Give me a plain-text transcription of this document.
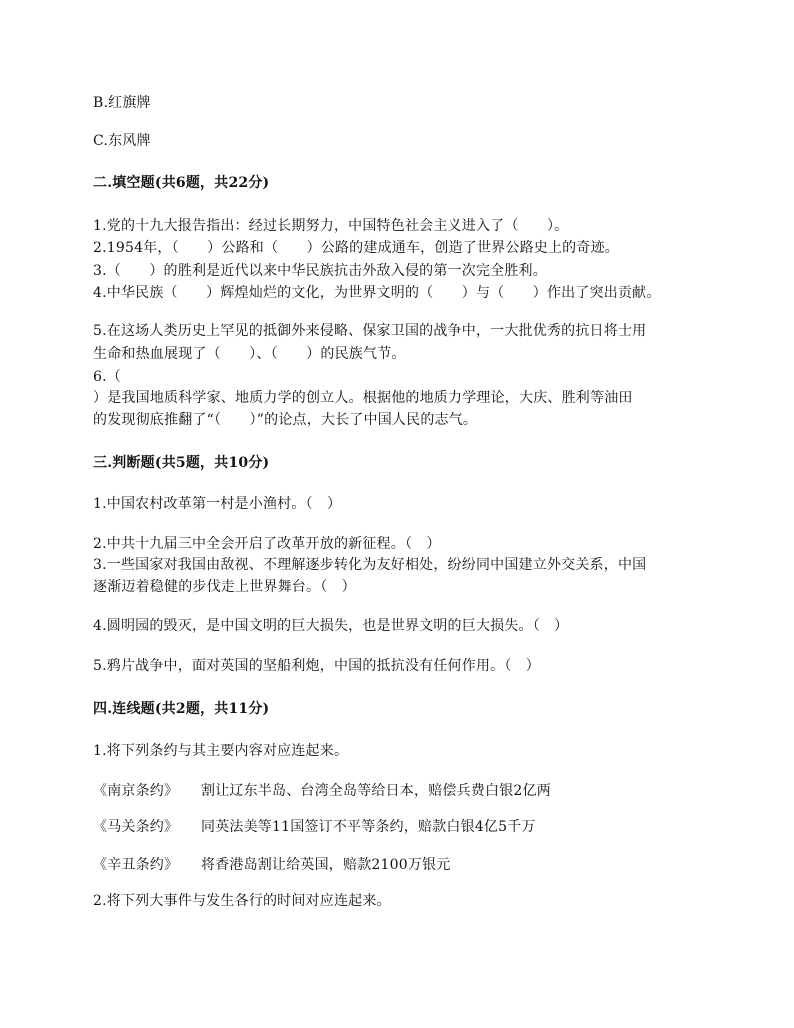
B.红旗牌
C.东风牌
二.填空题(共6题，共22分)
1.党的十九大报告指出：经过长期努力，中国特色社会主义进入了（　　）。
2.1954年，（　　）公路和（　　）公路的建成通车，创造了世界公路史上的奇迹。
3.（　　）的胜利是近代以来中华民族抗击外敌入侵的第一次完全胜利。
4.中华民族（　　）辉煌灿烂的文化，为世界文明的（　　）与（　　）作出了突出贡献。
5.在这场人类历史上罕见的抵御外来侵略、保家卫国的战争中，一大批优秀的抗日将士用
生命和热血展现了（　　）、（　　）的民族气节。
6.（
）是我国地质科学家、地质力学的创立人。根据他的地质力学理论，大庆、胜利等油田
的发现彻底推翻了“（　　）”的论点，大长了中国人民的志气。
三.判断题(共5题，共10分)
1.中国农村改革第一村是小渔村。（　）
2.中共十九届三中全会开启了改革开放的新征程。（　）
3.一些国家对我国由敌视、不理解逐步转化为友好相处，纷纷同中国建立外交关系，中国
逐渐迈着稳健的步伐走上世界舞台。（　）
4.圆明园的毁灭，是中国文明的巨大损失，也是世界文明的巨大损失。（　）
5.鸦片战争中，面对英国的坚船利炮，中国的抵抗没有任何作用。（　）
四.连线题(共2题，共11分)
1.将下列条约与其主要内容对应连起来。
《南京条约》 割让辽东半岛、台湾全岛等给日本，赔偿兵费白银2亿两
《马关条约》 同英法美等11国签订不平等条约，赔款白银4亿5千万
《辛丑条约》 将香港岛割让给英国，赔款2100万银元
2.将下列大事件与发生各行的时间对应连起来。
